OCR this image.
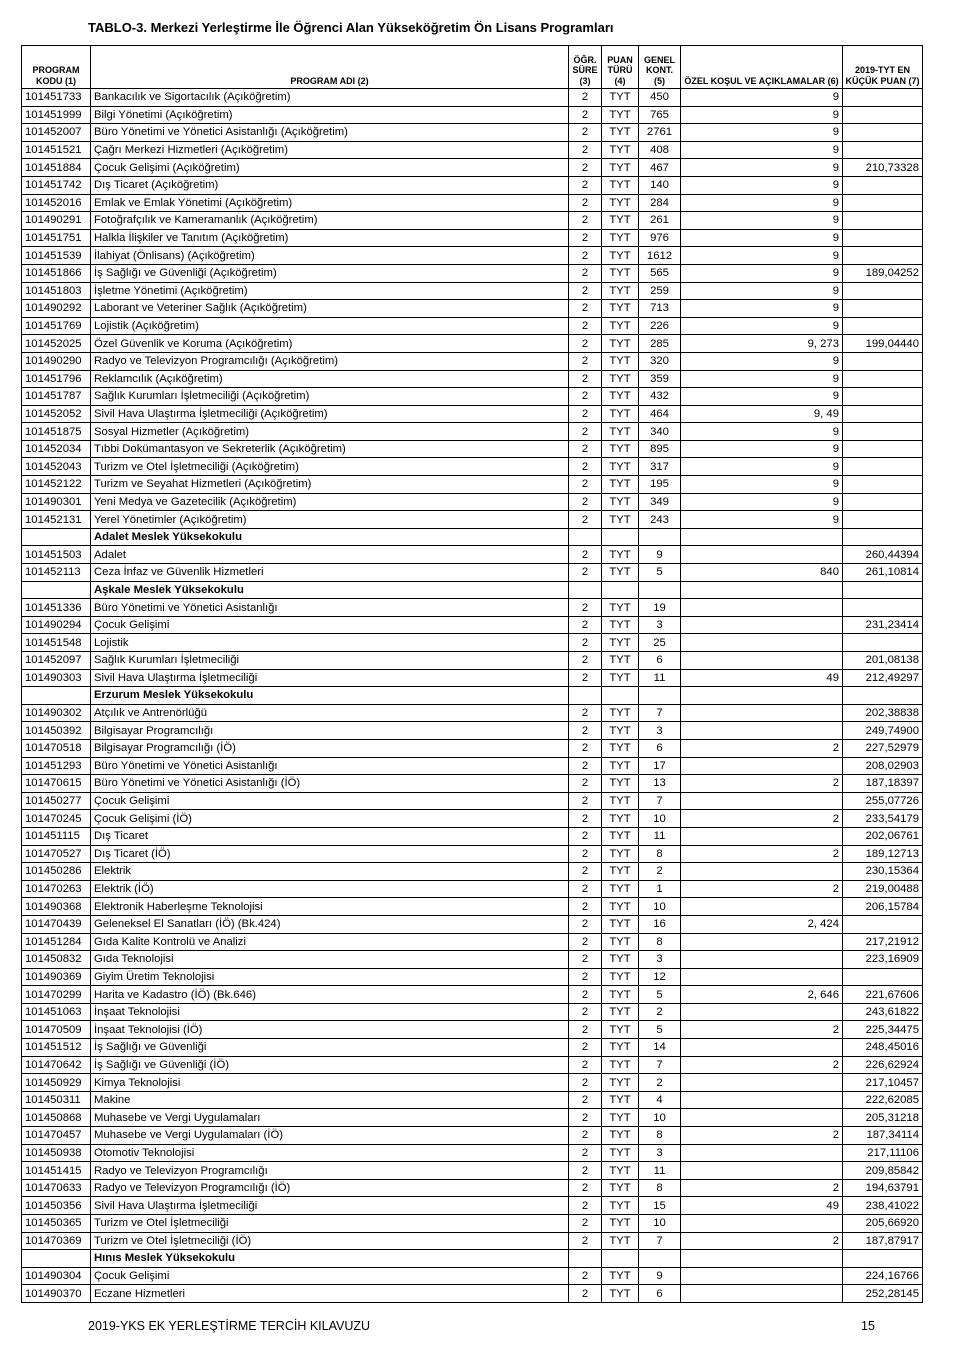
TABLO-3. Merkezi Yerleştirme İle Öğrenci Alan Yükseköğretim Ön Lisans Programları
PROGRAM KODU (1)	PROGRAM ADI (2)	ÖĞR. SÜRE (3)	PUAN TÜRÜ (4)	GENEL KONT. (5)	ÖZEL KOŞUL VE AÇIKLAMALAR (6)	2019-TYT EN KÜÇÜK PUAN (7)
101451733	Bankacılık ve Sigortacılık (Açıköğretim)	2	TYT	450	9	
101451999	Bilgi Yönetimi (Açıköğretim)	2	TYT	765	9	
101452007	Büro Yönetimi ve Yönetici Asistanlığı (Açıköğretim)	2	TYT	2761	9	
101451521	Çağrı Merkezi Hizmetleri (Açıköğretim)	2	TYT	408	9	
101451884	Çocuk Gelişimi (Açıköğretim)	2	TYT	467	9	210,73328
101451742	Dış Ticaret (Açıköğretim)	2	TYT	140	9	
101452016	Emlak ve Emlak Yönetimi (Açıköğretim)	2	TYT	284	9	
101490291	Fotoğrafçılık ve Kameramanlık (Açıköğretim)	2	TYT	261	9	
101451751	Halkla İlişkiler ve Tanıtım (Açıköğretim)	2	TYT	976	9	
101451539	İlahiyat (Önlisans) (Açıköğretim)	2	TYT	1612	9	
101451866	İş Sağlığı ve Güvenliği (Açıköğretim)	2	TYT	565	9	189,04252
101451803	İşletme Yönetimi (Açıköğretim)	2	TYT	259	9	
101490292	Laborant ve Veteriner Sağlık (Açıköğretim)	2	TYT	713	9	
101451769	Lojistik (Açıköğretim)	2	TYT	226	9	
101452025	Özel Güvenlik ve Koruma (Açıköğretim)	2	TYT	285	9, 273	199,04440
101490290	Radyo ve Televizyon Programcılığı (Açıköğretim)	2	TYT	320	9	
101451796	Reklamcılık (Açıköğretim)	2	TYT	359	9	
101451787	Sağlık Kurumları İşletmeciliği (Açıköğretim)	2	TYT	432	9	
101452052	Sivil Hava Ulaştırma İşletmeciliği (Açıköğretim)	2	TYT	464	9, 49	
101451875	Sosyal Hizmetler (Açıköğretim)	2	TYT	340	9	
101452034	Tıbbi Dokümantasyon ve Sekreterlik (Açıköğretim)	2	TYT	895	9	
101452043	Turizm ve Otel İşletmeciliği (Açıköğretim)	2	TYT	317	9	
101452122	Turizm ve Seyahat Hizmetleri (Açıköğretim)	2	TYT	195	9	
101490301	Yeni Medya ve Gazetecilik (Açıköğretim)	2	TYT	349	9	
101452131	Yerel Yönetimler (Açıköğretim)	2	TYT	243	9	
	Adalet Meslek Yüksekokulu					
101451503	Adalet	2	TYT	9		260,44394
101452113	Ceza İnfaz ve Güvenlik Hizmetleri	2	TYT	5	840	261,10814
	Aşkale Meslek Yüksekokulu					
101451336	Büro Yönetimi ve Yönetici Asistanlığı	2	TYT	19		
101490294	Çocuk Gelişimi	2	TYT	3		231,23414
101451548	Lojistik	2	TYT	25		
101452097	Sağlık Kurumları İşletmeciliği	2	TYT	6		201,08138
101490303	Sivil Hava Ulaştırma İşletmeciliği	2	TYT	11	49	212,49297
	Erzurum Meslek Yüksekokulu					
101490302	Atçılık ve Antrenörlüğü	2	TYT	7		202,38838
101450392	Bilgisayar Programcılığı	2	TYT	3		249,74900
101470518	Bilgisayar Programcılığı (İÖ)	2	TYT	6	2	227,52979
101451293	Büro Yönetimi ve Yönetici Asistanlığı	2	TYT	17		208,02903
101470615	Büro Yönetimi ve Yönetici Asistanlığı (İÖ)	2	TYT	13	2	187,18397
101450277	Çocuk Gelişimi	2	TYT	7		255,07726
101470245	Çocuk Gelişimi (İÖ)	2	TYT	10	2	233,54179
101451115	Dış Ticaret	2	TYT	11		202,06761
101470527	Dış Ticaret (İÖ)	2	TYT	8	2	189,12713
101450286	Elektrik	2	TYT	2		230,15364
101470263	Elektrik (İÖ)	2	TYT	1	2	219,00488
101490368	Elektronik Haberleşme Teknolojisi	2	TYT	10		206,15784
101470439	Geleneksel El Sanatları (İÖ) (Bk.424)	2	TYT	16	2, 424	
101451284	Gıda Kalite Kontrolü ve Analizi	2	TYT	8		217,21912
101450832	Gıda Teknolojisi	2	TYT	3		223,16909
101490369	Giyim Üretim Teknolojisi	2	TYT	12		
101470299	Harita ve Kadastro (İÖ) (Bk.646)	2	TYT	5	2, 646	221,67606
101451063	İnşaat Teknolojisi	2	TYT	2		243,61822
101470509	İnşaat Teknolojisi (İÖ)	2	TYT	5	2	225,34475
101451512	İş Sağlığı ve Güvenliği	2	TYT	14		248,45016
101470642	İş Sağlığı ve Güvenliği (İÖ)	2	TYT	7	2	226,62924
101450929	Kimya Teknolojisi	2	TYT	2		217,10457
101450311	Makine	2	TYT	4		222,62085
101450868	Muhasebe ve Vergi Uygulamaları	2	TYT	10		205,31218
101470457	Muhasebe ve Vergi Uygulamaları (İÖ)	2	TYT	8	2	187,34114
101450938	Otomotiv Teknolojisi	2	TYT	3		217,11106
101451415	Radyo ve Televizyon Programcılığı	2	TYT	11		209,85842
101470633	Radyo ve Televizyon Programcılığı (İÖ)	2	TYT	8	2	194,63791
101450356	Sivil Hava Ulaştırma İşletmeciliği	2	TYT	15	49	238,41022
101450365	Turizm ve Otel İşletmeciliği	2	TYT	10		205,66920
101470369	Turizm ve Otel İşletmeciliği (İÖ)	2	TYT	7	2	187,87917
	Hınıs Meslek Yüksekokulu					
101490304	Çocuk Gelişimi	2	TYT	9		224,16766
101490370	Eczane Hizmetleri	2	TYT	6		252,28145
2019-YKS EK YERLEŞTİRME TERCİH KILAVUZU	15
